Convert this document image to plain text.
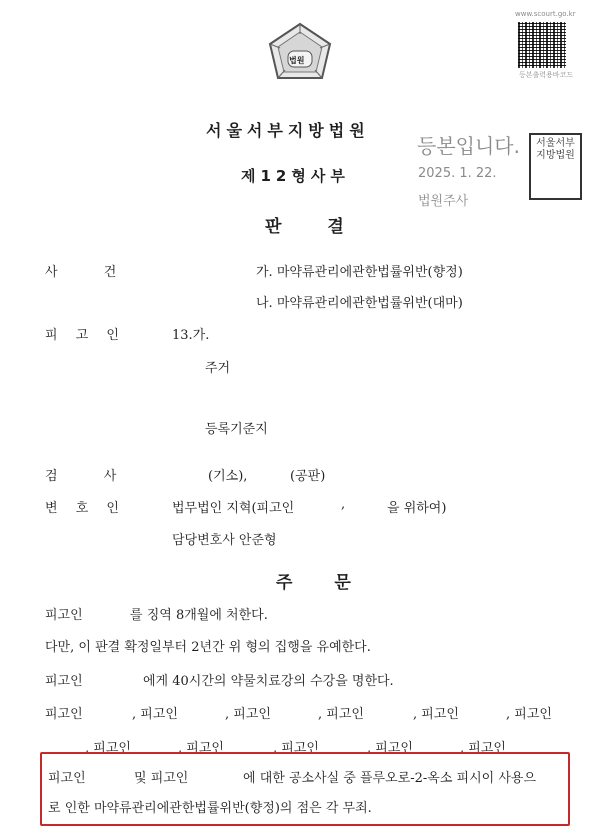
www.scourt.go.kr
등본출력용바코드
법원
서울서부지방법원
제12형사부
판 결
등본입니다.
2025. 1. 22.
법원주사
서울서부지방법원
사 건	가. 마약류관리에관한법률위반(향정)
나. 마약류관리에관한법률위반(대마)
피 고 인	13.가.
주거
등록기준지
검 사	(기소),	(공판)
변 호 인	법무법인 지혁(피고인	,	을 위하여)
담당변호사 안준형
주 문
피고인	를 징역 8개월에 처한다.
다만, 이 판결 확정일부터 2년간 위 형의 집행을 유예한다.
피고인	에게 40시간의 약물치료강의 수강을 명한다.
피고인	, 피고인	, 피고인	, 피고인	, 피고인	, 피고인
, 피고인	, 피고인	, 피고인	, 피고인	, 피고인
피고인	및 피고인	에 대한 공소사실 중 플루오로-2-옥소 피시이 사용으
로 인한 마약류관리에관한법률위반(향정)의 점은 각 무죄.
